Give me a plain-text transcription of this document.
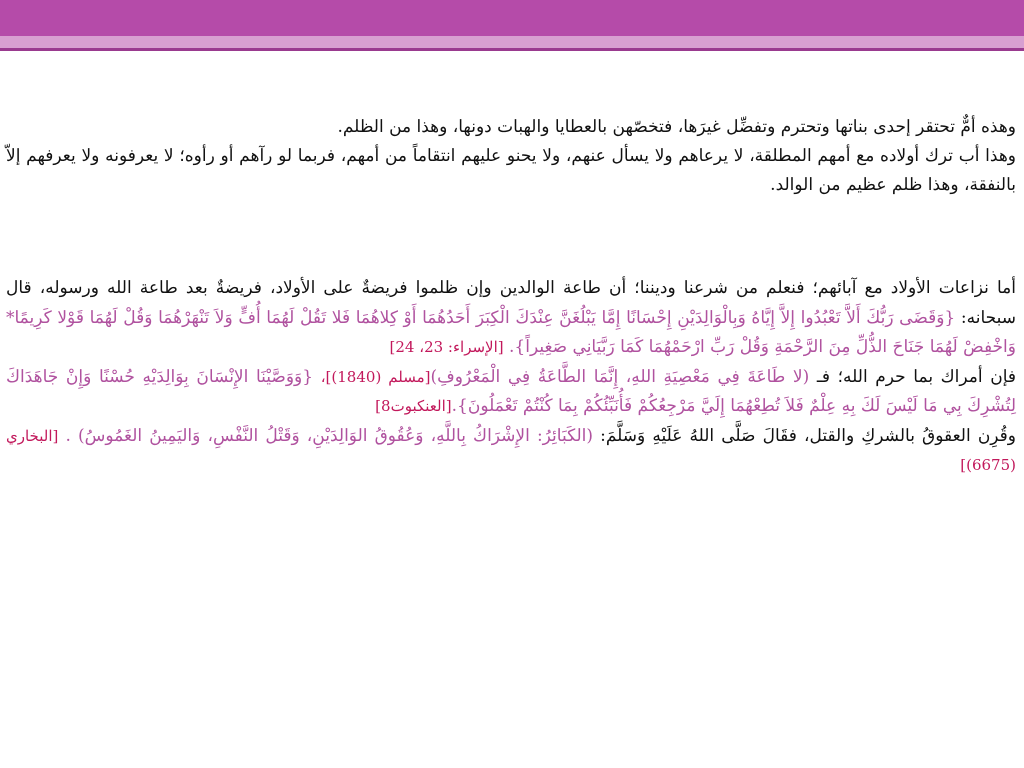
وهذه أمٌّ تحتقر إحدى بناتها وتحترم وتفضِّل غيرَها، فتخصّهن بالعطايا والهبات دونها، وهذا من الظلم.

وهذا أب ترك أولاده مع أمهم المطلقة، لا يرعاهم ولا يسأل عنهم، ولا يحنو عليهم انتقاماً من أمهم، فربما لو رآهم أو رأوه؛ لا يعرفونه ولا يعرفهم إلاّ بالنفقة، وهذا ظلم عظيم من الوالد.

أما نزاعات الأولاد مع آبائهم؛ فنعلم من شرعنا وديننا؛ أن طاعة الوالدين وإن ظلموا فريضةٌ على الأولاد، فريضةٌ بعد طاعة الله ورسوله، قال سبحانه: {وَقَضَى رَبُّكَ أَلاَّ تَعْبُدُوا إِلاَّ إِيَّاهُ وَبِالْوَالِدَيْنِ إِحْسَانًا إِمَّا يَبْلُغَنَّ عِنْدَكَ الْكِبَرَ أَحَدُهُمَا أَوْ كِلاهُمَا فَلا تَقُلْ لَهُمَا أُفٍّ وَلاَ تَنْهَرْهُمَا وَقُلْ لَهُمَا قَوْلا كَرِيمًا* وَاخْفِضْ لَهُمَا جَنَاحَ الذُّلِّ مِنَ الرَّحْمَةِ وَقُلْ رَبِّ ارْحَمْهُمَا كَمَا رَبَّيَانِي صَغِيراً}. [الإسراء: 23، 24]

فإن أمراك بما حرم الله؛ فـ (لا طَاعَةَ فِي مَعْصِيَةِ اللهِ، إِنَّمَا الطَّاعَةُ فِي الْمَعْرُوفِ)[مسلم (1840)]، {وَوَصَّيْنَا الإِنْسَانَ بِوَالِدَيْهِ حُسْنًا وَإِنْ جَاهَدَاكَ لِتُشْرِكَ بِي مَا لَيْسَ لَكَ بِهِ عِلْمٌ فَلاَ تُطِعْهُمَا إِلَيَّ مَرْجِعُكُمْ فَأُنَبِّئُكُمْ بِمَا كُنْتُمْ تَعْمَلُونَ}.[العنكبوت8]

وقُرِن العقوقُ بالشركِ والقتل، فقَالَ صَلَّى اللهُ عَلَيْهِ وَسَلَّمَ: (الكَبَائِرُ: الإِشْرَاكُ بِاللَّهِ، وَعُقُوقُ الوَالِدَيْنِ، وَقَتْلُ النَّفْسِ، وَاليَمِينُ الغَمُوسُ) . [البخاري (6675)]
